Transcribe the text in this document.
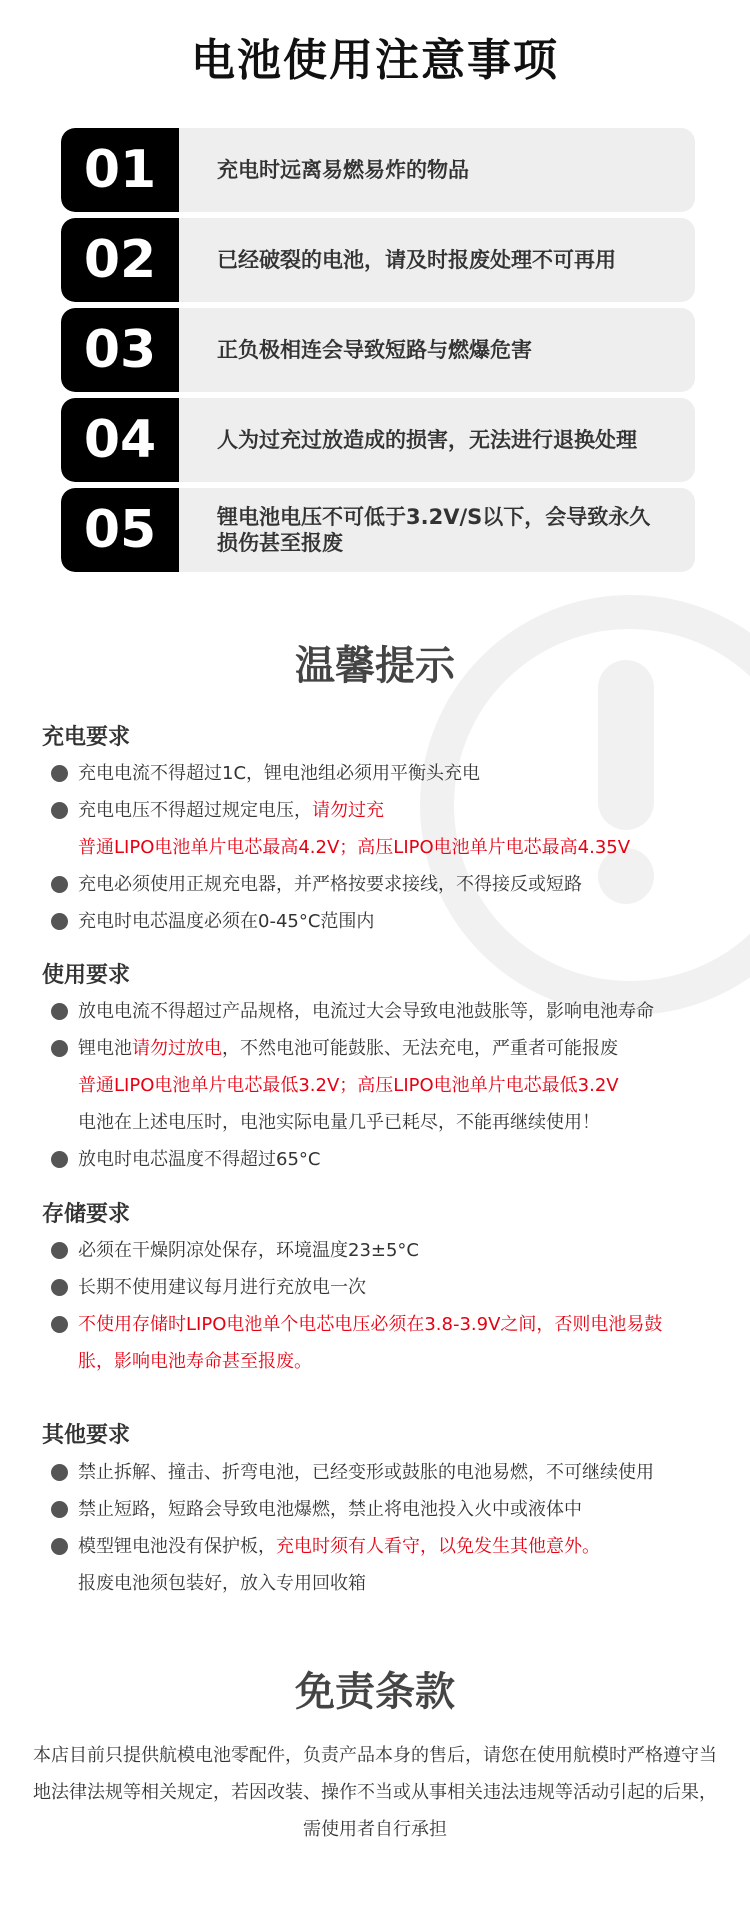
电池使用注意事项
01	充电时远离易燃易炸的物品
02	已经破裂的电池，请及时报废处理不可再用
03	正负极相连会导致短路与燃爆危害
04	人为过充过放造成的损害，无法进行退换处理
05	锂电池电压不可低于3.2V/S以下，会导致永久损伤甚至报废
温馨提示
充电要求
充电电流不得超过1C，锂电池组必须用平衡头充电
充电电压不得超过规定电压，请勿过充
普通LIPO电池单片电芯最高4.2V；高压LIPO电池单片电芯最高4.35V
充电必须使用正规充电器，并严格按要求接线，不得接反或短路
充电时电芯温度必须在0-45°C范围内
使用要求
放电电流不得超过产品规格，电流过大会导致电池鼓胀等，影响电池寿命
锂电池请勿过放电，不然电池可能鼓胀、无法充电，严重者可能报废
普通LIPO电池单片电芯最低3.2V；高压LIPO电池单片电芯最低3.2V
电池在上述电压时，电池实际电量几乎已耗尽，不能再继续使用！
放电时电芯温度不得超过65°C
存储要求
必须在干燥阴凉处保存，环境温度23±5°C
长期不使用建议每月进行充放电一次
不使用存储时LIPO电池单个电芯电压必须在3.8-3.9V之间，否则电池易鼓
胀，影响电池寿命甚至报废。
其他要求
禁止拆解、撞击、折弯电池，已经变形或鼓胀的电池易燃，不可继续使用
禁止短路，短路会导致电池爆燃，禁止将电池投入火中或液体中
模型锂电池没有保护板，充电时须有人看守，以免发生其他意外。
报废电池须包装好，放入专用回收箱
免责条款
本店目前只提供航模电池零配件，负责产品本身的售后，请您在使用航模时严格遵守当
地法律法规等相关规定，若因改装、操作不当或从事相关违法违规等活动引起的后果，
需使用者自行承担
